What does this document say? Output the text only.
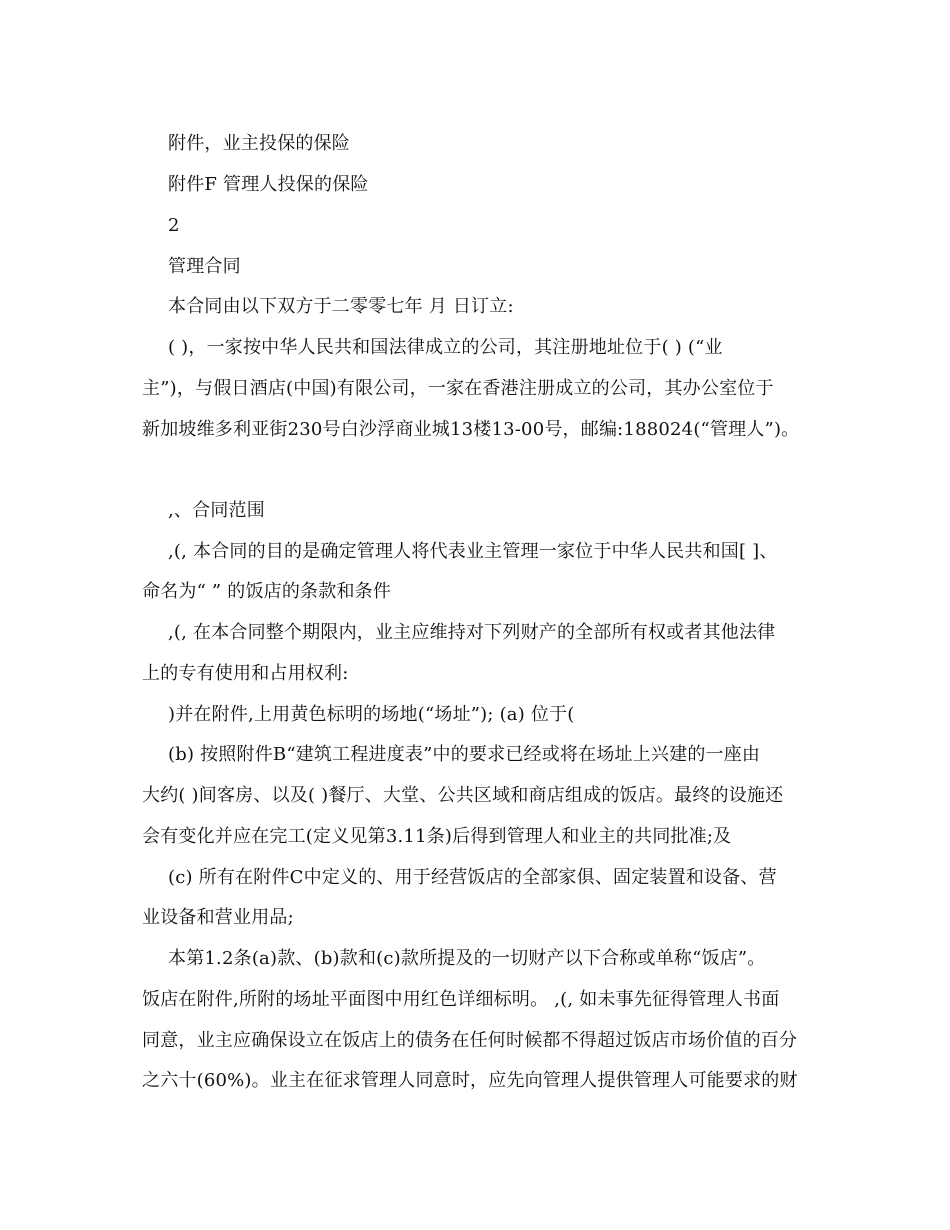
附件，业主投保的保险
附件F 管理人投保的保险
2
管理合同
本合同由以下双方于二零零七年 月 日订立:
( )，一家按中华人民共和国法律成立的公司，其注册地址位于( ) (“业
主”)，与假日酒店(中国)有限公司，一家在香港注册成立的公司，其办公室位于
新加坡维多利亚街230号白沙浮商业城13楼13-00号，邮编:188024(“管理人”)。
,、合同范围
,(, 本合同的目的是确定管理人将代表业主管理一家位于中华人民共和国[ ]、
命名为“ ” 的饭店的条款和条件
,(, 在本合同整个期限内，业主应维持对下列财产的全部所有权或者其他法律
上的专有使用和占用权利:
)并在附件,上用黄色标明的场地(“场址”); (a) 位于(
(b) 按照附件B“建筑工程进度表”中的要求已经或将在场址上兴建的一座由
大约( )间客房、以及( )餐厅、大堂、公共区域和商店组成的饭店。最终的设施还
会有变化并应在完工(定义见第3.11条)后得到管理人和业主的共同批准;及
(c) 所有在附件C中定义的、用于经营饭店的全部家俱、固定装置和设备、营
业设备和营业用品;
本第1.2条(a)款、(b)款和(c)款所提及的一切财产以下合称或单称“饭店”。
饭店在附件,所附的场址平面图中用红色详细标明。 ,(, 如未事先征得管理人书面
同意，业主应确保设立在饭店上的债务在任何时候都不得超过饭店市场价值的百分
之六十(60%)。业主在征求管理人同意时，应先向管理人提供管理人可能要求的财
